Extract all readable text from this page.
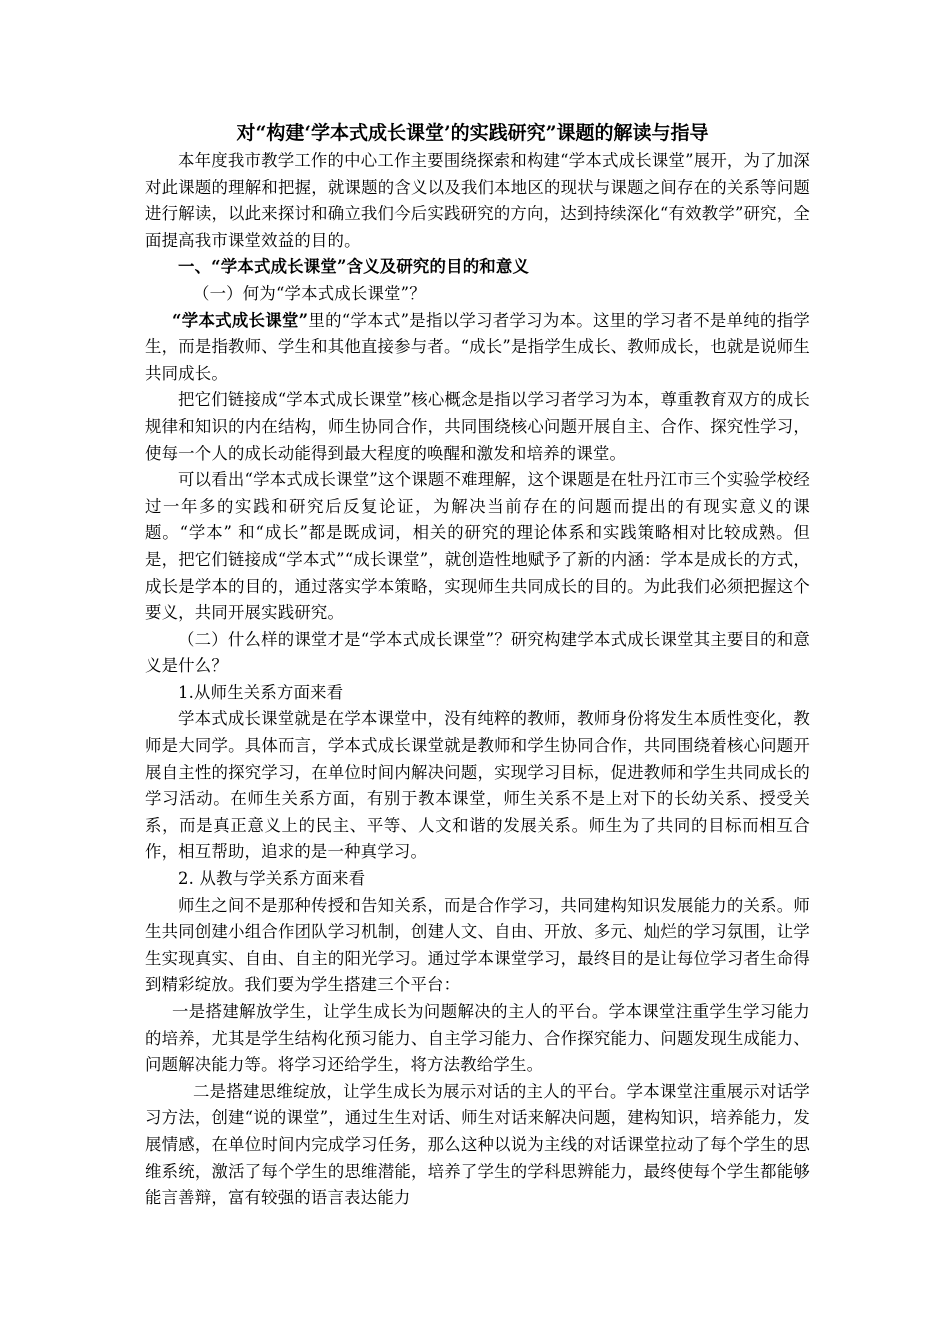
对“构建‘学本式成长课堂’的实践研究”课题的解读与指导

本年度我市教学工作的中心工作主要围绕探索和构建“学本式成长课堂”展开，为了加深对此课题的理解和把握，就课题的含义以及我们本地区的现状与课题之间存在的关系等问题进行解读，以此来探讨和确立我们今后实践研究的方向，达到持续深化“有效教学”研究，全面提高我市课堂效益的目的。

一、“学本式成长课堂”含义及研究的目的和意义

（一）何为“学本式成长课堂”？

“学本式成长课堂”里的“学本式”是指以学习者学习为本。这里的学习者不是单纯的指学生，而是指教师、学生和其他直接参与者。“成长”是指学生成长、教师成长，也就是说师生共同成长。

把它们链接成“学本式成长课堂”核心概念是指以学习者学习为本，尊重教育双方的成长规律和知识的内在结构，师生协同合作，共同围绕核心问题开展自主、合作、探究性学习，使每一个人的成长动能得到最大程度的唤醒和激发和培养的课堂。

可以看出“学本式成长课堂”这个课题不难理解，这个课题是在牡丹江市三个实验学校经过一年多的实践和研究后反复论证，为解决当前存在的问题而提出的有现实意义的课题。“学本” 和“成长”都是既成词，相关的研究的理论体系和实践策略相对比较成熟。但是，把它们链接成“学本式”“成长课堂”，就创造性地赋予了新的内涵：学本是成长的方式，成长是学本的目的，通过落实学本策略，实现师生共同成长的目的。为此我们必须把握这个要义，共同开展实践研究。

（二）什么样的课堂才是“学本式成长课堂”？研究构建学本式成长课堂其主要目的和意义是什么？

1.从师生关系方面来看

学本式成长课堂就是在学本课堂中，没有纯粹的教师，教师身份将发生本质性变化，教师是大同学。具体而言，学本式成长课堂就是教师和学生协同合作，共同围绕着核心问题开展自主性的探究学习，在单位时间内解决问题，实现学习目标，促进教师和学生共同成长的学习活动。在师生关系方面，有别于教本课堂，师生关系不是上对下的长幼关系、授受关系，而是真正意义上的民主、平等、人文和谐的发展关系。师生为了共同的目标而相互合作，相互帮助，追求的是一种真学习。

2. 从教与学关系方面来看

师生之间不是那种传授和告知关系，而是合作学习，共同建构知识发展能力的关系。师生共同创建小组合作团队学习机制，创建人文、自由、开放、多元、灿烂的学习氛围，让学生实现真实、自由、自主的阳光学习。通过学本课堂学习，最终目的是让每位学习者生命得到精彩绽放。我们要为学生搭建三个平台：

一是搭建解放学生，让学生成长为问题解决的主人的平台。学本课堂注重学生学习能力的培养，尤其是学生结构化预习能力、自主学习能力、合作探究能力、问题发现生成能力、问题解决能力等。将学习还给学生，将方法教给学生。

二是搭建思维绽放，让学生成长为展示对话的主人的平台。学本课堂注重展示对话学习方法，创建“说的课堂”，通过生生对话、师生对话来解决问题，建构知识，培养能力，发展情感，在单位时间内完成学习任务，那么这种以说为主线的对话课堂拉动了每个学生的思维系统，激活了每个学生的思维潜能，培养了学生的学科思辨能力，最终使每个学生都能够能言善辩，富有较强的语言表达能力
